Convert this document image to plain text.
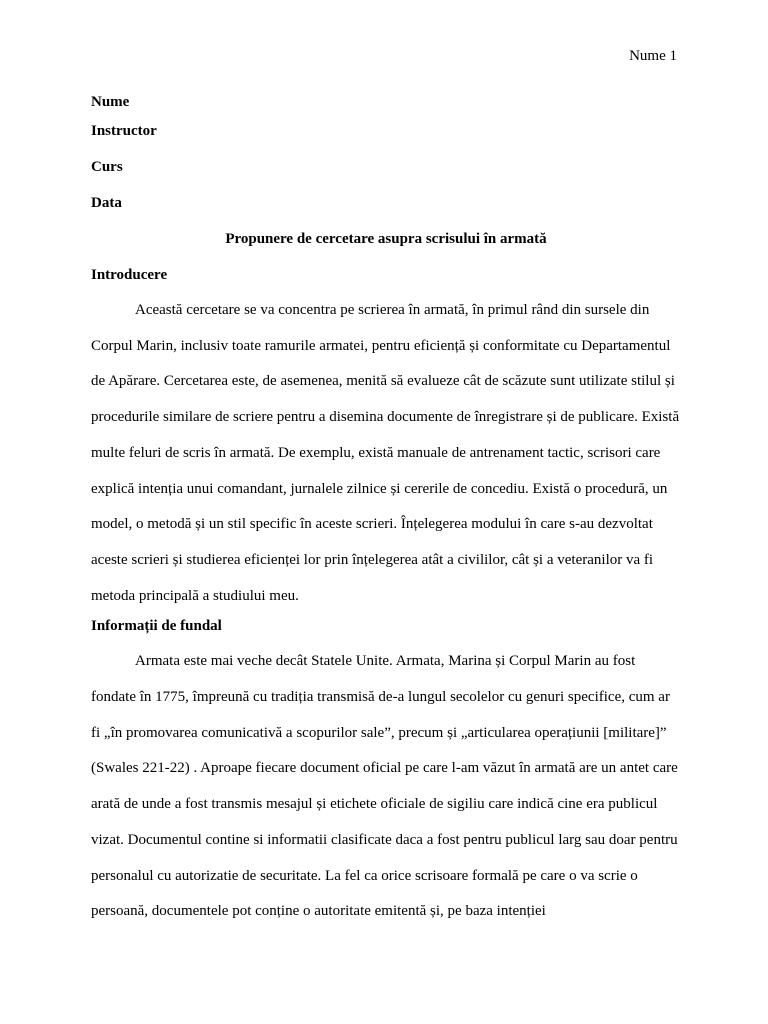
Nume 1

Nume

Instructor

Curs

Data

Propunere de cercetare asupra scrisului în armată

Introducere

Această cercetare se va concentra pe scrierea în armată, în primul rând din sursele din Corpul Marin, inclusiv toate ramurile armatei, pentru eficiență și conformitate cu Departamentul de Apărare. Cercetarea este, de asemenea, menită să evalueze cât de scăzute sunt utilizate stilul și procedurile similare de scriere pentru a disemina documente de înregistrare și de publicare. Există multe feluri de scris în armată. De exemplu, există manuale de antrenament tactic, scrisori care explică intenția unui comandant, jurnalele zilnice și cererile de concediu. Există o procedură, un model, o metodă și un stil specific în aceste scrieri. Înțelegerea modului în care s-au dezvoltat aceste scrieri și studierea eficienței lor prin înțelegerea atât a civililor, cât și a veteranilor va fi metoda principală a studiului meu.

Informații de fundal

Armata este mai veche decât Statele Unite. Armata, Marina și Corpul Marin au fost fondate în 1775, împreună cu tradiția transmisă de-a lungul secolelor cu genuri specifice, cum ar fi „în promovarea comunicativă a scopurilor sale”, precum și „articularea operațiunii [militare]” (Swales 221-22) . Aproape fiecare document oficial pe care l-am văzut în armată are un antet care arată de unde a fost transmis mesajul și etichete oficiale de sigiliu care indică cine era publicul vizat. Documentul contine si informatii clasificate daca a fost pentru publicul larg sau doar pentru personalul cu autorizatie de securitate. La fel ca orice scrisoare formală pe care o va scrie o persoană, documentele pot conține o autoritate emitentă și, pe baza intenției
